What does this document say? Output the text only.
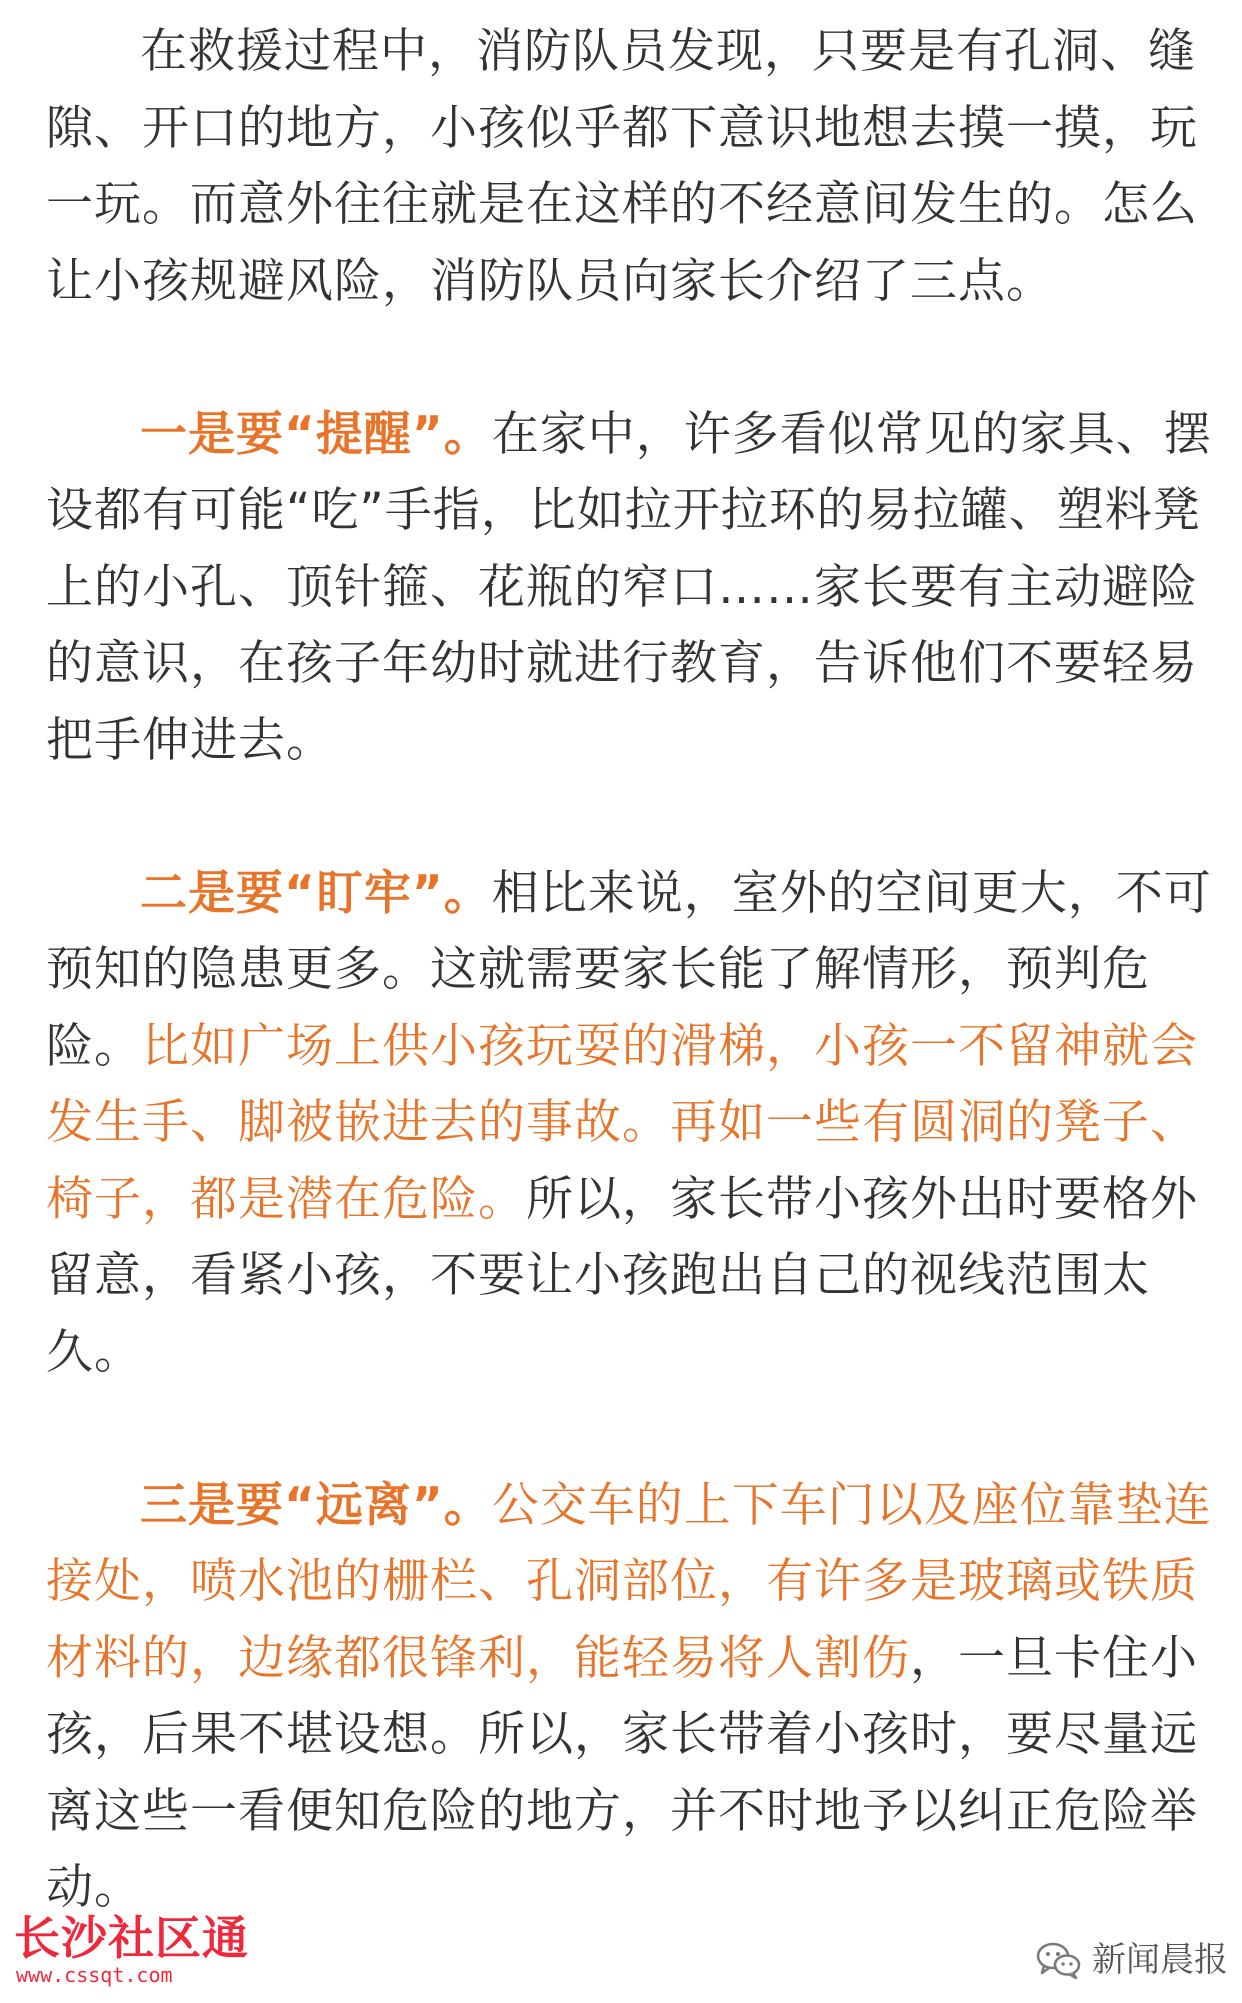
在救援过程中，消防队员发现，只要是有孔洞、缝隙、开口的地方，小孩似乎都下意识地想去摸一摸，玩一玩。而意外往往就是在这样的不经意间发生的。怎么让小孩规避风险，消防队员向家长介绍了三点。

一是要“提醒”。在家中，许多看似常见的家具、摆设都有可能“吃”手指，比如拉开拉环的易拉罐、塑料凳上的小孔、顶针箍、花瓶的窄口……家长要有主动避险的意识，在孩子年幼时就进行教育，告诉他们不要轻易把手伸进去。

二是要“盯牢”。相比来说，室外的空间更大，不可预知的隐患更多。这就需要家长能了解情形，预判危险。比如广场上供小孩玩耍的滑梯，小孩一不留神就会发生手、脚被嵌进去的事故。再如一些有圆洞的凳子、椅子，都是潜在危险。所以，家长带小孩外出时要格外留意，看紧小孩，不要让小孩跑出自己的视线范围太久。

三是要“远离”。公交车的上下车门以及座位靠垫连接处，喷水池的栅栏、孔洞部位，有许多是玻璃或铁质材料的，边缘都很锋利，能轻易将人割伤，一旦卡住小孩，后果不堪设想。所以，家长带着小孩时，要尽量远离这些一看便知危险的地方，并不时地予以纠正危险举动。

长沙社区通
www.cssqt.com	新闻晨报
